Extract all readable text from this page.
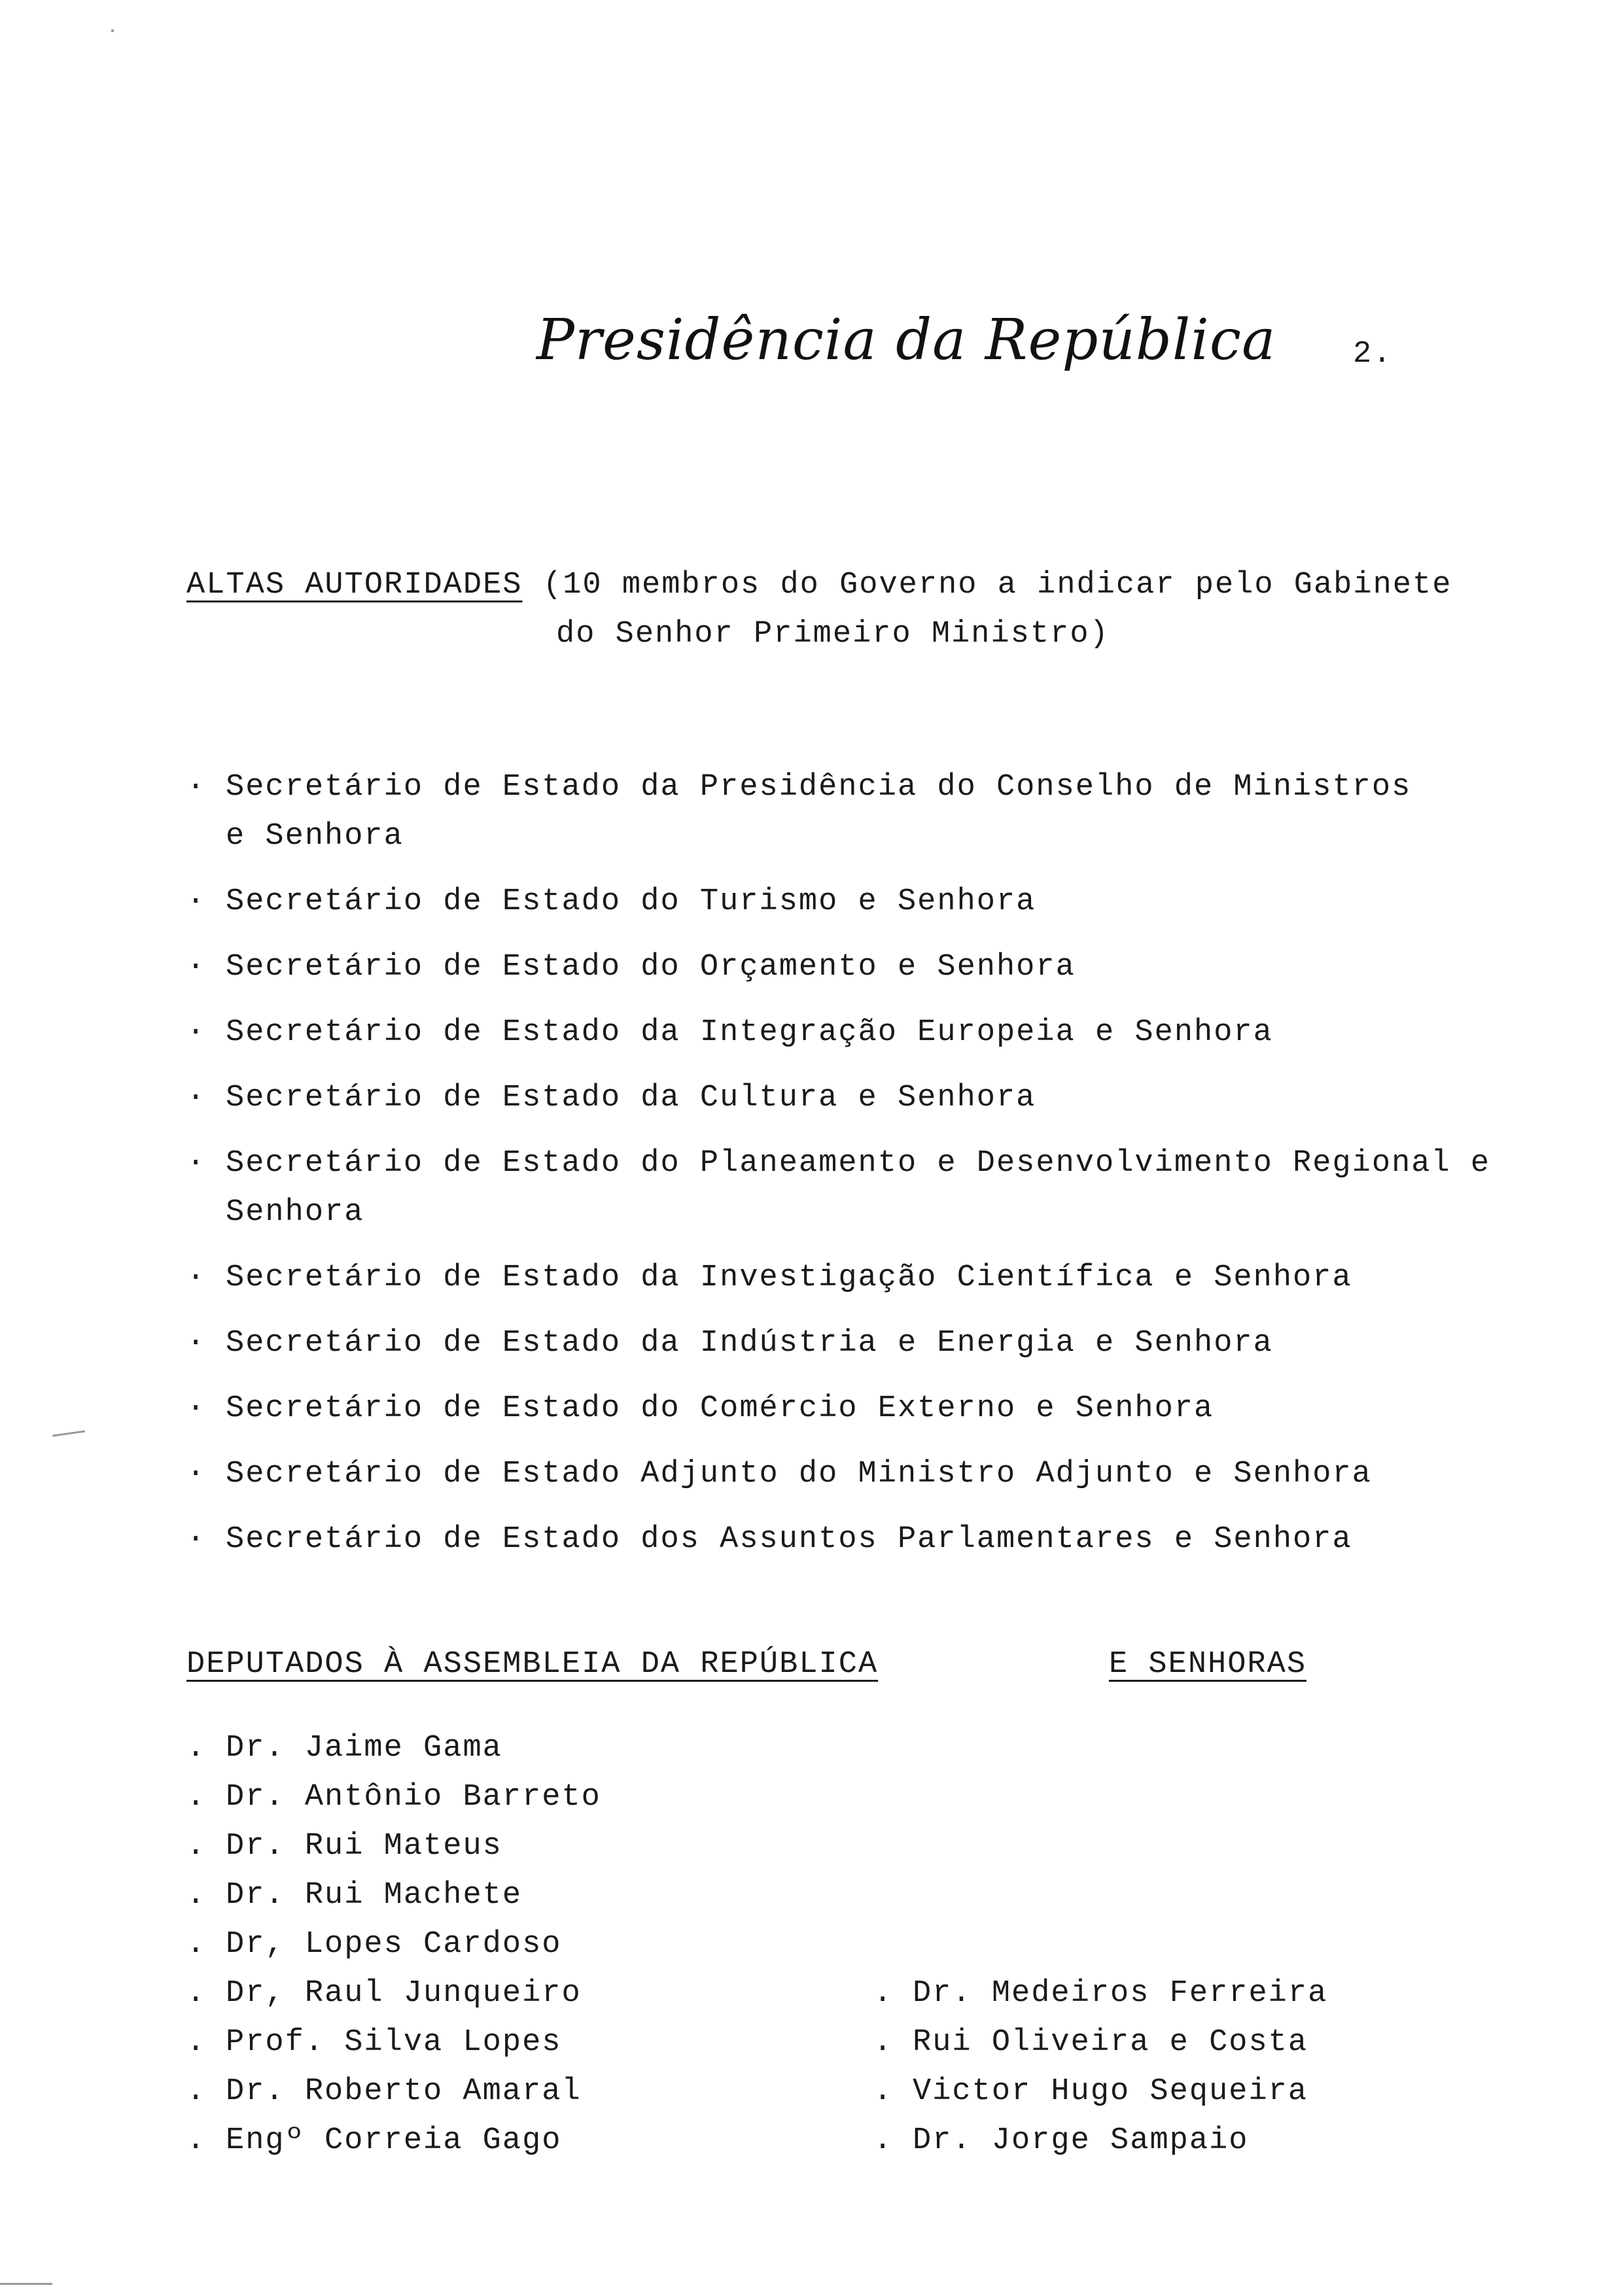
Presidência da República	2.
ALTAS AUTORIDADES (10 membros do Governo a indicar pelo Gabinete
do Senhor Primeiro Ministro)
. Secretário de Estado da Presidência do Conselho de Ministros
e Senhora
. Secretário de Estado do Turismo e Senhora
. Secretário de Estado do Orçamento e Senhora
. Secretário de Estado da Integração Europeia e Senhora
. Secretário de Estado da Cultura e Senhora
. Secretário de Estado do Planeamento e Desenvolvimento Regional e
Senhora
. Secretário de Estado da Investigação Científica e Senhora
. Secretário de Estado da Indústria e Energia e Senhora
. Secretário de Estado do Comércio Externo e Senhora
. Secretário de Estado Adjunto do Ministro Adjunto e Senhora
. Secretário de Estado dos Assuntos Parlamentares e Senhora
DEPUTADOS À ASSEMBLEIA DA REPÚBLICA	E SENHORAS
. Dr. Jaime Gama
. Dr. Antônio Barreto
. Dr. Rui Mateus
. Dr. Rui Machete
. Dr, Lopes Cardoso
. Dr, Raul Junqueiro
. Prof. Silva Lopes
. Dr. Roberto Amaral
. Engº Correia Gago
. Dr. Medeiros Ferreira
. Rui Oliveira e Costa
. Victor Hugo Sequeira
. Dr. Jorge Sampaio
